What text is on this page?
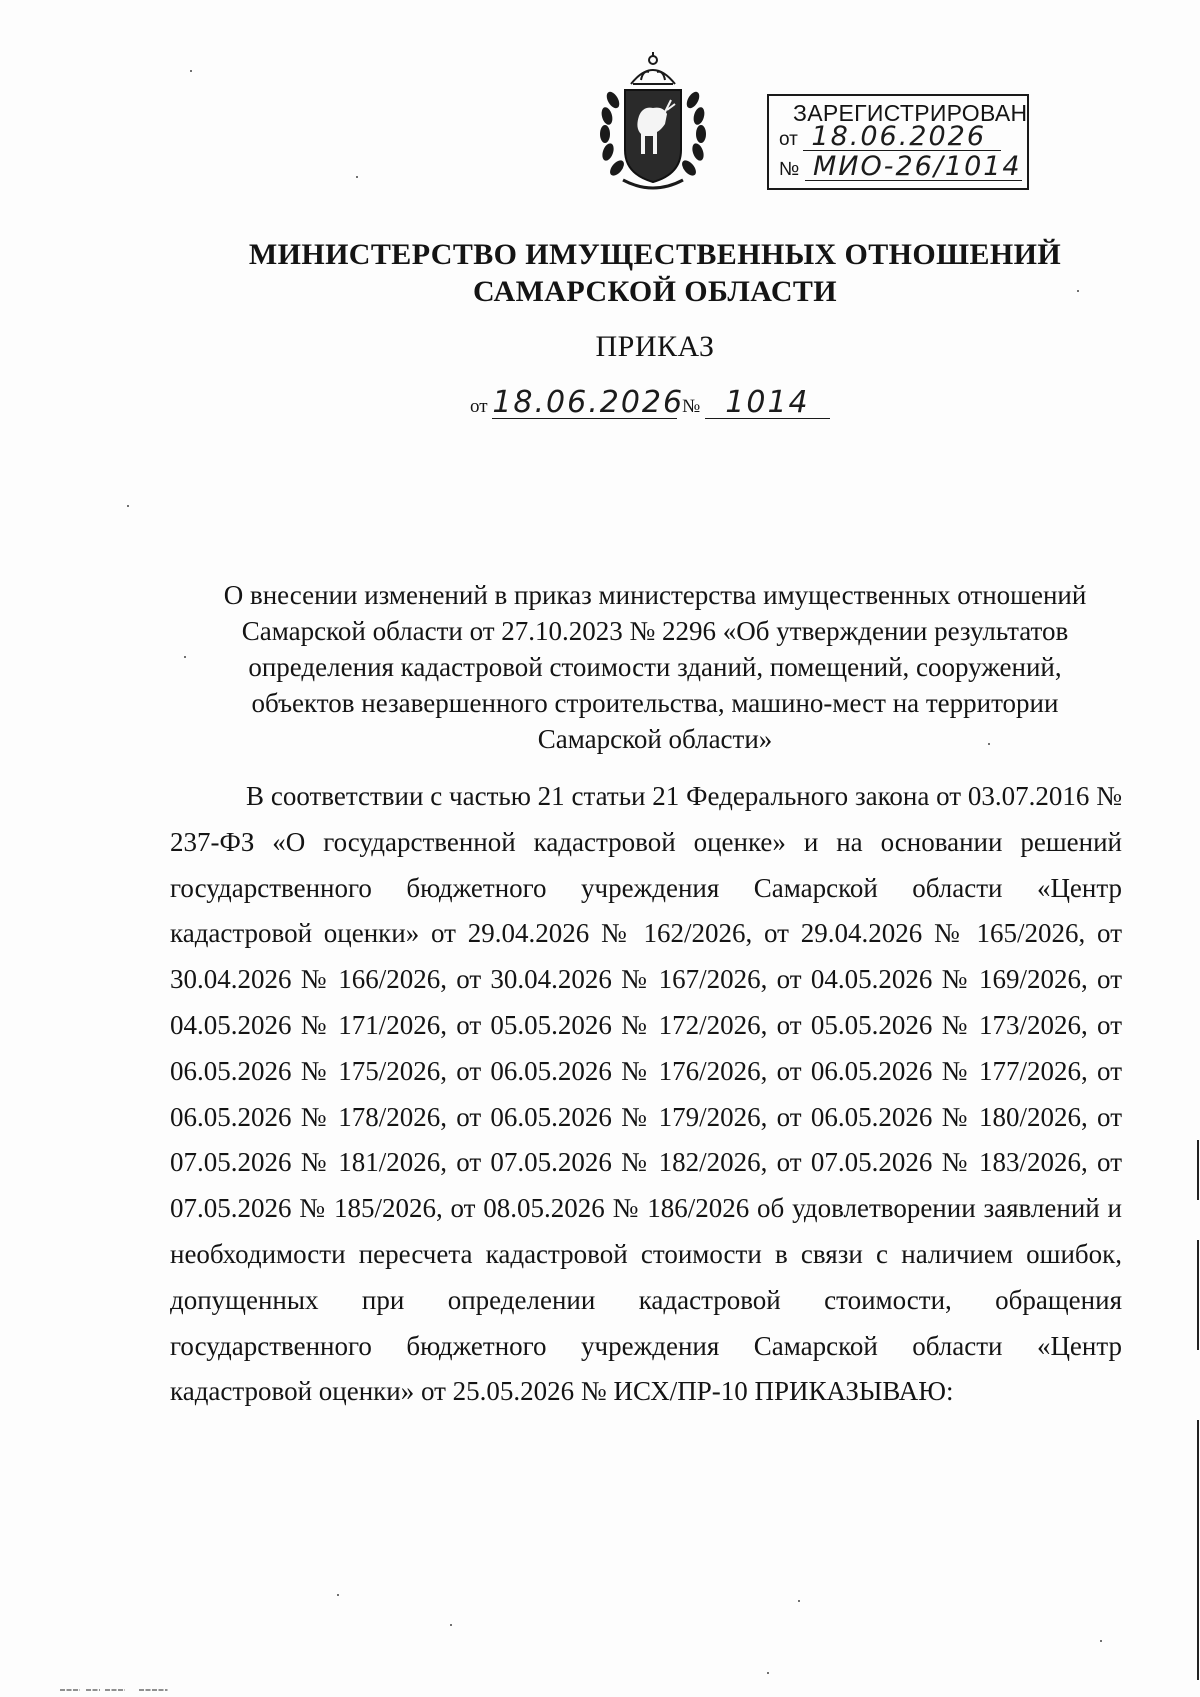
ЗАРЕГИСТРИРОВАН
от 18.06.2026
№ МИО-26/1014
МИНИСТЕРСТВО ИМУЩЕСТВЕННЫХ ОТНОШЕНИЙ
САМАРСКОЙ ОБЛАСТИ
ПРИКАЗ
от 18.06.2026 № 1014
О внесении изменений в приказ министерства имущественных отношений
Самарской области от 27.10.2023 № 2296 «Об утверждении результатов
определения кадастровой стоимости зданий, помещений, сооружений,
объектов незавершенного строительства, машино-мест на территории
Самарской области»

В соответствии с частью 21 статьи 21 Федерального закона от 03.07.2016 № 237-ФЗ «О государственной кадастровой оценке» и на основании решений государственного бюджетного учреждения Самарской области «Центр кадастровой оценки» от 29.04.2026 № 162/2026, от 29.04.2026 № 165/2026, от 30.04.2026 № 166/2026, от 30.04.2026 № 167/2026, от 04.05.2026 № 169/2026, от 04.05.2026 № 171/2026, от 05.05.2026 № 172/2026, от 05.05.2026 № 173/2026, от 06.05.2026 № 175/2026, от 06.05.2026 № 176/2026, от 06.05.2026 № 177/2026, от 06.05.2026 № 178/2026, от 06.05.2026 № 179/2026, от 06.05.2026 № 180/2026, от 07.05.2026 № 181/2026, от 07.05.2026 № 182/2026, от 07.05.2026 № 183/2026, от 07.05.2026 № 185/2026, от 08.05.2026 № 186/2026 об удовлетворении заявлений и необходимости пересчета кадастровой стоимости в связи с наличием ошибок, допущенных при определении кадастровой стоимости, обращения государственного бюджетного учреждения Самарской области «Центр кадастровой оценки» от 25.05.2026 № ИСХ/ПР-10 ПРИКАЗЫВАЮ:
